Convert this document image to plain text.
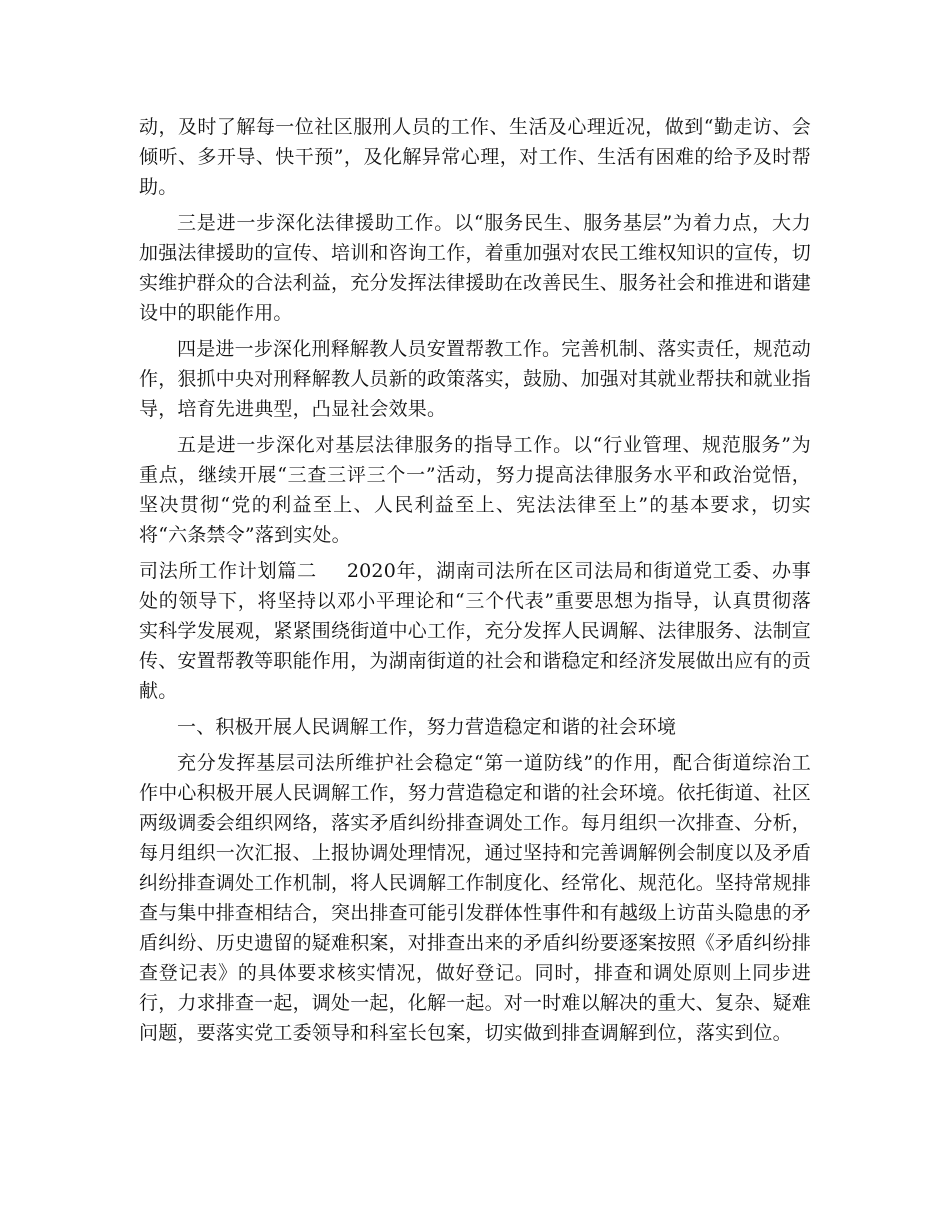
动，及时了解每一位社区服刑人员的工作、生活及心理近况，做到“勤走访、会倾听、多开导、快干预”，及化解异常心理，对工作、生活有困难的给予及时帮助。

三是进一步深化法律援助工作。以“服务民生、服务基层”为着力点，大力加强法律援助的宣传、培训和咨询工作，着重加强对农民工维权知识的宣传，切实维护群众的合法利益，充分发挥法律援助在改善民生、服务社会和推进和谐建设中的职能作用。

四是进一步深化刑释解教人员安置帮教工作。完善机制、落实责任，规范动作，狠抓中央对刑释解教人员新的政策落实，鼓励、加强对其就业帮扶和就业指导，培育先进典型，凸显社会效果。

五是进一步深化对基层法律服务的指导工作。以“行业管理、规范服务”为重点，继续开展“三查三评三个一”活动，努力提高法律服务水平和政治觉悟，坚决贯彻“党的利益至上、人民利益至上、宪法法律至上”的基本要求，切实将“六条禁令”落到实处。

司法所工作计划篇二 2020年，湖南司法所在区司法局和街道党工委、办事处的领导下，将坚持以邓小平理论和“三个代表”重要思想为指导，认真贯彻落实科学发展观，紧紧围绕街道中心工作，充分发挥人民调解、法律服务、法制宣传、安置帮教等职能作用，为湖南街道的社会和谐稳定和经济发展做出应有的贡献。

一、积极开展人民调解工作，努力营造稳定和谐的社会环境

充分发挥基层司法所维护社会稳定“第一道防线”的作用，配合街道综治工作中心积极开展人民调解工作，努力营造稳定和谐的社会环境。依托街道、社区两级调委会组织网络，落实矛盾纠纷排查调处工作。每月组织一次排查、分析，每月组织一次汇报、上报协调处理情况，通过坚持和完善调解例会制度以及矛盾纠纷排查调处工作机制，将人民调解工作制度化、经常化、规范化。坚持常规排查与集中排查相结合，突出排查可能引发群体性事件和有越级上访苗头隐患的矛盾纠纷、历史遗留的疑难积案，对排查出来的矛盾纠纷要逐案按照《矛盾纠纷排查登记表》的具体要求核实情况，做好登记。同时，排查和调处原则上同步进行，力求排查一起，调处一起，化解一起。对一时难以解决的重大、复杂、疑难问题，要落实党工委领导和科室长包案，切实做到排查调解到位，落实到位。
